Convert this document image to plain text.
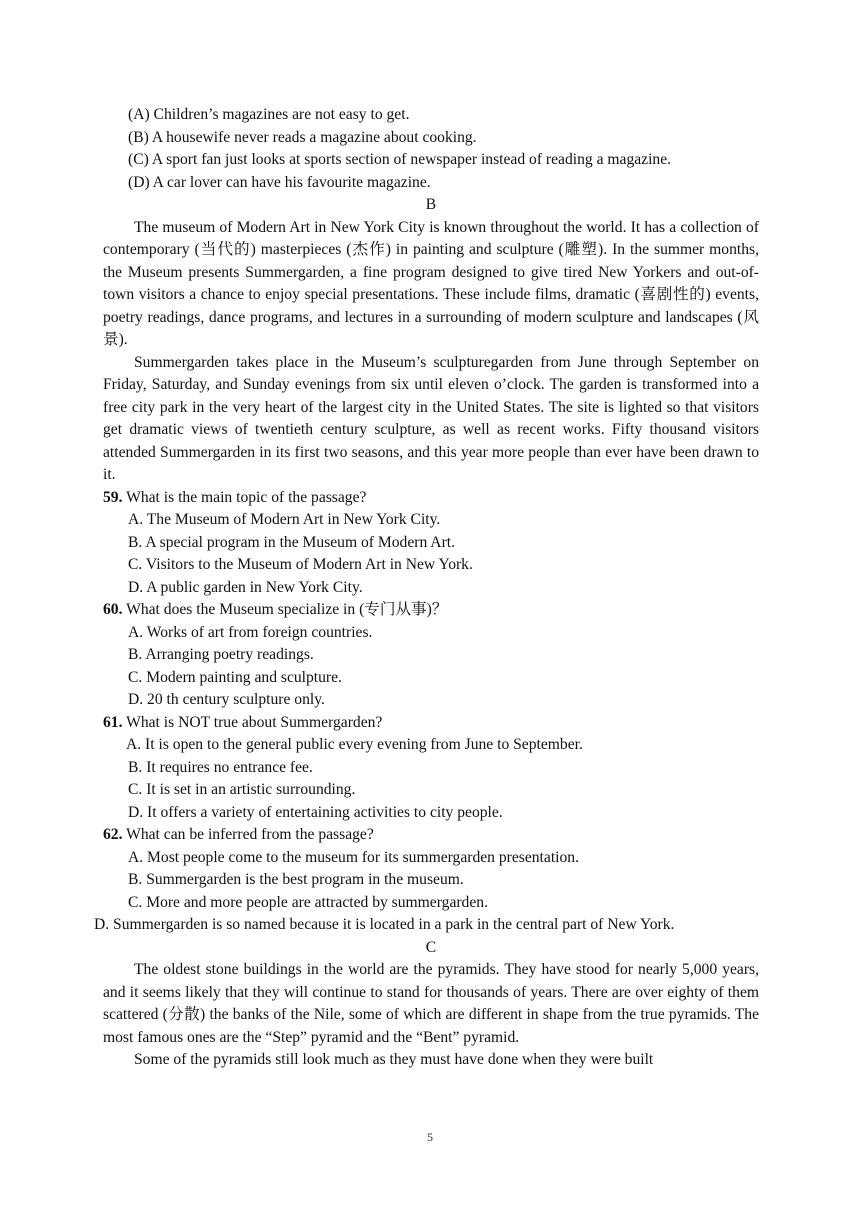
(A) Children’s magazines are not easy to get.
(B) A housewife never reads a magazine about cooking.
(C) A sport fan just looks at sports section of newspaper instead of reading a magazine.
(D) A car lover can have his favourite magazine.
B

The museum of Modern Art in New York City is known throughout the world. It has a collection of contemporary (当代的) masterpieces (杰作) in painting and sculpture (雕塑). In the summer months, the Museum presents Summergarden, a fine program designed to give tired New Yorkers and out-of-town visitors a chance to enjoy special presentations. These include films, dramatic (喜剧性的) events, poetry readings, dance programs, and lectures in a surrounding of modern sculpture and landscapes (风景).

Summergarden takes place in the Museum’s sculpturegarden from June through September on Friday, Saturday, and Sunday evenings from six until eleven o’clock. The garden is transformed into a free city park in the very heart of the largest city in the United States. The site is lighted so that visitors get dramatic views of twentieth century sculpture, as well as recent works. Fifty thousand visitors attended Summergarden in its first two seasons, and this year more people than ever have been drawn to it.

59. What is the main topic of the passage?
A. The Museum of Modern Art in New York City.
B. A special program in the Museum of Modern Art.
C. Visitors to the Museum of Modern Art in New York.
D. A public garden in New York City.
60. What does the Museum specialize in (专门从事)？
A. Works of art from foreign countries.
B. Arranging poetry readings.
C. Modern painting and sculpture.
D. 20 th century sculpture only.
61. What is NOT true about Summergarden?
A. It is open to the general public every evening from June to September.
B. It requires no entrance fee.
C. It is set in an artistic surrounding.
D. It offers a variety of entertaining activities to city people.
62. What can be inferred from the passage?
A. Most people come to the museum for its summergarden presentation.
B. Summergarden is the best program in the museum.
C. More and more people are attracted by summergarden.
D. Summergarden is so named because it is located in a park in the central part of New York.
C

The oldest stone buildings in the world are the pyramids. They have stood for nearly 5,000 years, and it seems likely that they will continue to stand for thousands of years. There are over eighty of them scattered (分散) the banks of the Nile, some of which are different in shape from the true pyramids. The most famous ones are the “Step” pyramid and the “Bent” pyramid.

Some of the pyramids still look much as they must have done when they were built

5
